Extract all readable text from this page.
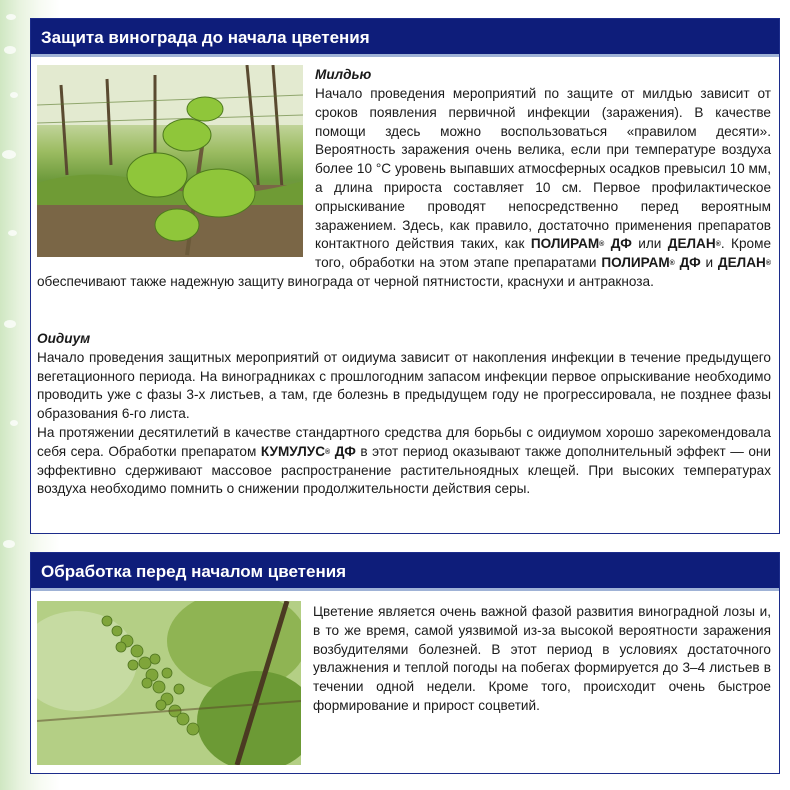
Защита винограда до начала цветения

Милдью

Начало проведения мероприятий по защите от милдью зависит от сроков появления первичной инфекции (заражения). В качестве помощи здесь можно воспользоваться «правилом десяти». Вероятность заражения очень велика, если при температуре воздуха более 10 °С уровень выпавших атмосферных осадков превысил 10 мм, а длина прироста составляет 10 см. Первое профилактическое опрыскивание проводят непосредственно перед вероятным заражением. Здесь, как правило, достаточно применения препаратов контактного действия таких, как ПОЛИРАМ® ДФ или ДЕЛАН®. Кроме того, обработки на этом этапе препаратами ПОЛИРАМ® ДФ и ДЕЛАН® обеспечивают также надежную защиту винограда от черной пятнистости, краснухи и антракноза.

Оидиум

Начало проведения защитных мероприятий от оидиума зависит от накопления инфекции в течение предыдущего вегетационного периода. На виноградниках с прошлогодним запасом инфекции первое опрыскивание необходимо проводить уже с фазы 3-х листьев, а там, где болезнь в предыдущем году не прогрессировала, не позднее фазы образования 6-го листа.

На протяжении десятилетий в качестве стандартного средства для борьбы с оидиумом хорошо зарекомендовала себя сера. Обработки препаратом КУМУЛУС® ДФ в этот период оказывают также дополнительный эффект — они эффективно сдерживают массовое распространение растительноядных клещей. При высоких температурах воздуха необходимо помнить о снижении продолжительности действия серы.

Обработка перед началом цветения
Цветение является очень важной фазой развития виноградной лозы и, в то же время, самой уязвимой из-за высокой вероятности заражения возбудителями болезней. В этот период в условиях достаточного увлажнения и теплой погоды на побегах формируется до 3–4 листьев в течении одной недели. Кроме того, происходит очень быстрое формирование и прирост соцветий.
